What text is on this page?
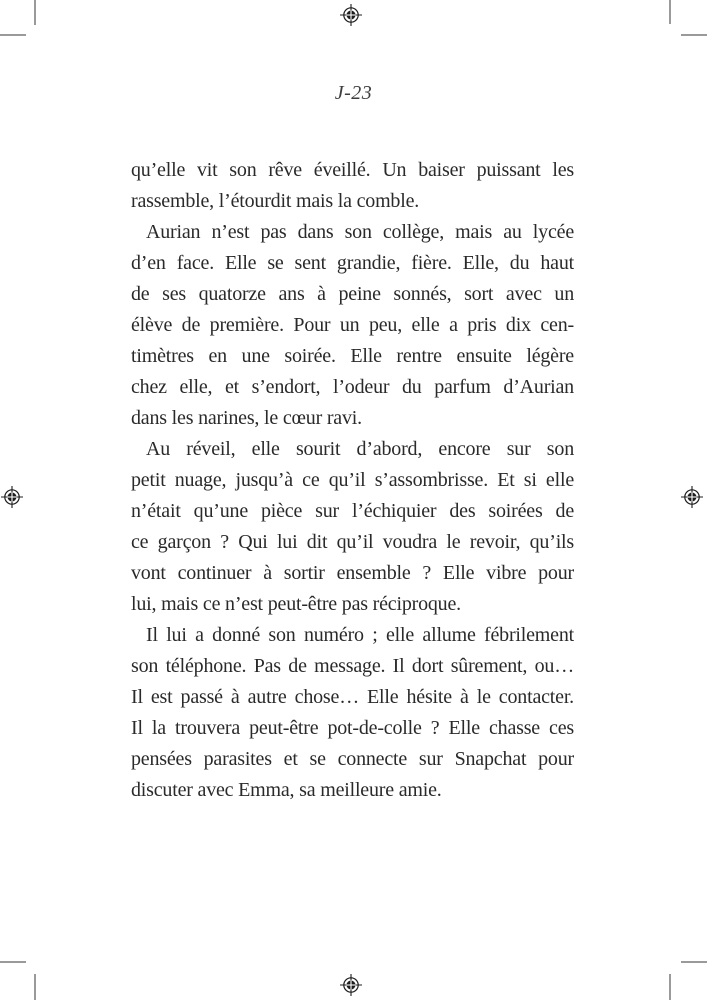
J-23
qu’elle vit son rêve éveillé. Un baiser puissant les
rassemble, l’étourdit mais la comble.
Aurian n’est pas dans son collège, mais au lycée
d’en face. Elle se sent grandie, fière. Elle, du haut
de ses quatorze ans à peine sonnés, sort avec un
élève de première. Pour un peu, elle a pris dix cen-
timètres en une soirée. Elle rentre ensuite légère
chez elle, et s’endort, l’odeur du parfum d’Aurian
dans les narines, le cœur ravi.
Au réveil, elle sourit d’abord, encore sur son
petit nuage, jusqu’à ce qu’il s’assombrisse. Et si elle
n’était qu’une pièce sur l’échiquier des soirées de
ce garçon ? Qui lui dit qu’il voudra le revoir, qu’ils
vont continuer à sortir ensemble ? Elle vibre pour
lui, mais ce n’est peut-être pas réciproque.
Il lui a donné son numéro ; elle allume fébrilement
son téléphone. Pas de message. Il dort sûrement, ou…
Il est passé à autre chose… Elle hésite à le contacter.
Il la trouvera peut-être pot-de-colle ? Elle chasse ces
pensées parasites et se connecte sur Snapchat pour
discuter avec Emma, sa meilleure amie.
